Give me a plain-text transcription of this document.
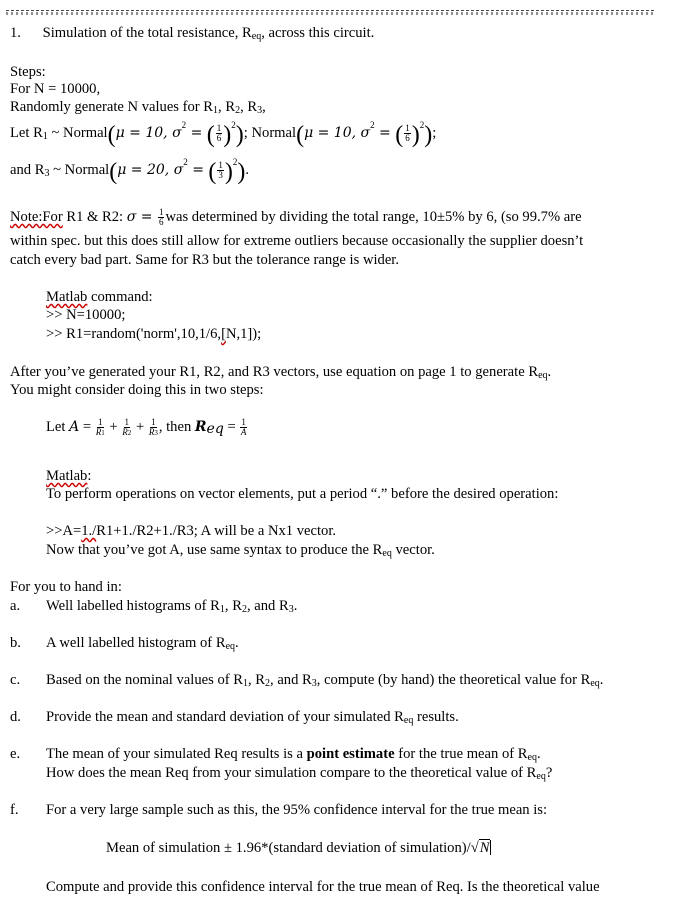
1. Simulation of the total resistance, $R_{eq}$, across this circuit.
Steps:
For N = 10000,
Randomly generate N values for $R_1$, $R_2$, $R_3$,
Let $R_1$ ~ Normal(μ = 10, $\sigma^2$ = ( $\frac{1}{6} )^2$); Normal(μ = 10, $\sigma^2$ = ( $\frac{1}{6} )^2$);
and $R_3$ ~ Normal(μ = 20, $\sigma^2$ = ( $\frac{1}{3} )^2$).
Note:For R1 & R2: $\sigma = \frac{1}{6}$ was determined by dividing the total range, 10±5% by 6, (so 99.7% are
within spec. but this does still allow for extreme outliers because occasionally the supplier doesn’t
catch every bad part. Same for R3 but the tolerance range is wider.
Matlab command:
>> N=10000;
>> R1=random('norm',10,1/6,[N,1]);
After you’ve generated your R1, R2, and R3 vectors, use equation on page 1 to generate $R_{eq}$.
You might consider doing this in two steps:
Let $A = \frac{1}{R1} + \frac{1}{R2} + \frac{1}{R3}$ , then Req = $\frac{1}{A}$
Matlab:
To perform operations on vector elements, put a period “.” before the desired operation:
>>A=1./R1+1./R2+1./R3; A will be a Nx1 vector.
Now that you’ve got A, use same syntax to produce the $R_{eq}$ vector.
For you to hand in:
a. Well labelled histograms of $R_1$, $R_2$, and $R_3$.
b. A well labelled histogram of $R_{eq}$.
c. Based on the nominal values of $R_1$, $R_2$, and $R_3$, compute (by hand) the theoretical value for $R_{eq}$.
d. Provide the mean and standard deviation of your simulated $R_{eq}$ results.
e. The mean of your simulated Req results is a point estimate for the true mean of $R_{eq}$.
How does the mean Req from your simulation compare to the theoretical value of $R_{eq}$?
f. For a very large sample such as this, the 95% confidence interval for the true mean is:
Mean of simulation ± 1.96*(standard deviation of simulation)/√N
Compute and provide this confidence interval for the true mean of Req. Is the theoretical value
